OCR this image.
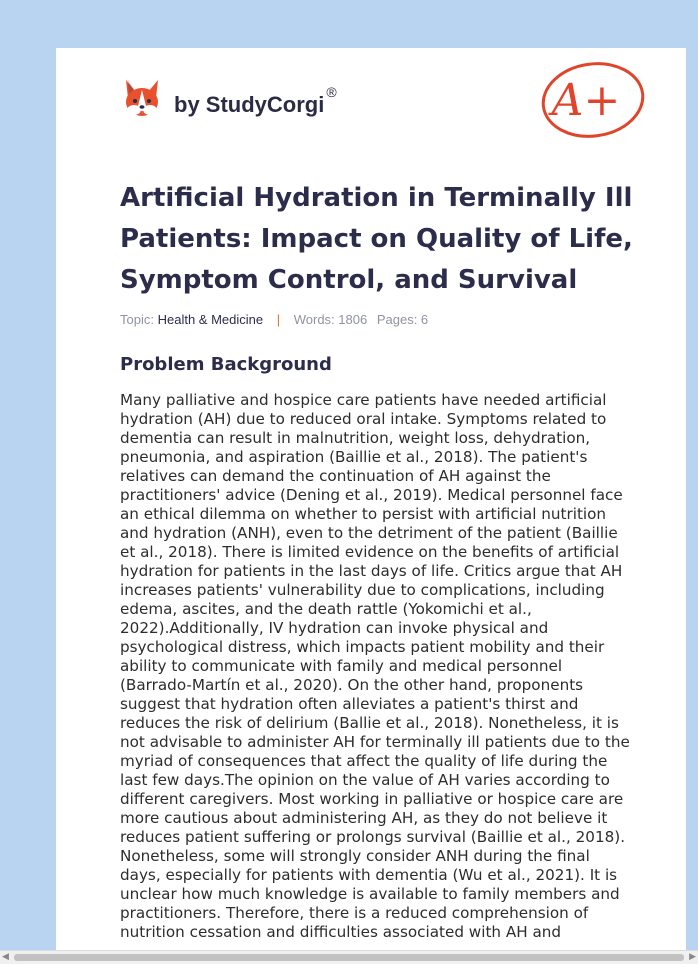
by StudyCorgi ®	A+
Artificial Hydration in Terminally Ill Patients: Impact on Quality of Life, Symptom Control, and Survival
Topic: Health & Medicine | Words: 1806 Pages: 6
Problem Background

Many palliative and hospice care patients have needed artificial hydration (AH) due to reduced oral intake. Symptoms related to dementia can result in malnutrition, weight loss, dehydration, pneumonia, and aspiration (Baillie et al., 2018). The patient's relatives can demand the continuation of AH against the practitioners' advice (Dening et al., 2019). Medical personnel face an ethical dilemma on whether to persist with artificial nutrition and hydration (ANH), even to the detriment of the patient (Baillie et al., 2018). There is limited evidence on the benefits of artificial hydration for patients in the last days of life. Critics argue that AH increases patients' vulnerability due to complications, including edema, ascites, and the death rattle (Yokomichi et al., 2022).Additionally, IV hydration can invoke physical and psychological distress, which impacts patient mobility and their ability to communicate with family and medical personnel (Barrado-Martín et al., 2020). On the other hand, proponents suggest that hydration often alleviates a patient's thirst and reduces the risk of delirium (Ballie et al., 2018). Nonetheless, it is not advisable to administer AH for terminally ill patients due to the myriad of consequences that affect the quality of life during the last few days.The opinion on the value of AH varies according to different caregivers. Most working in palliative or hospice care are more cautious about administering AH, as they do not believe it reduces patient suffering or prolongs survival (Baillie et al., 2018). Nonetheless, some will strongly consider ANH during the final days, especially for patients with dementia (Wu et al., 2021). It is unclear how much knowledge is available to family members and practitioners. Therefore, there is a reduced comprehension of nutrition cessation and difficulties associated with AH and

◀	▶
